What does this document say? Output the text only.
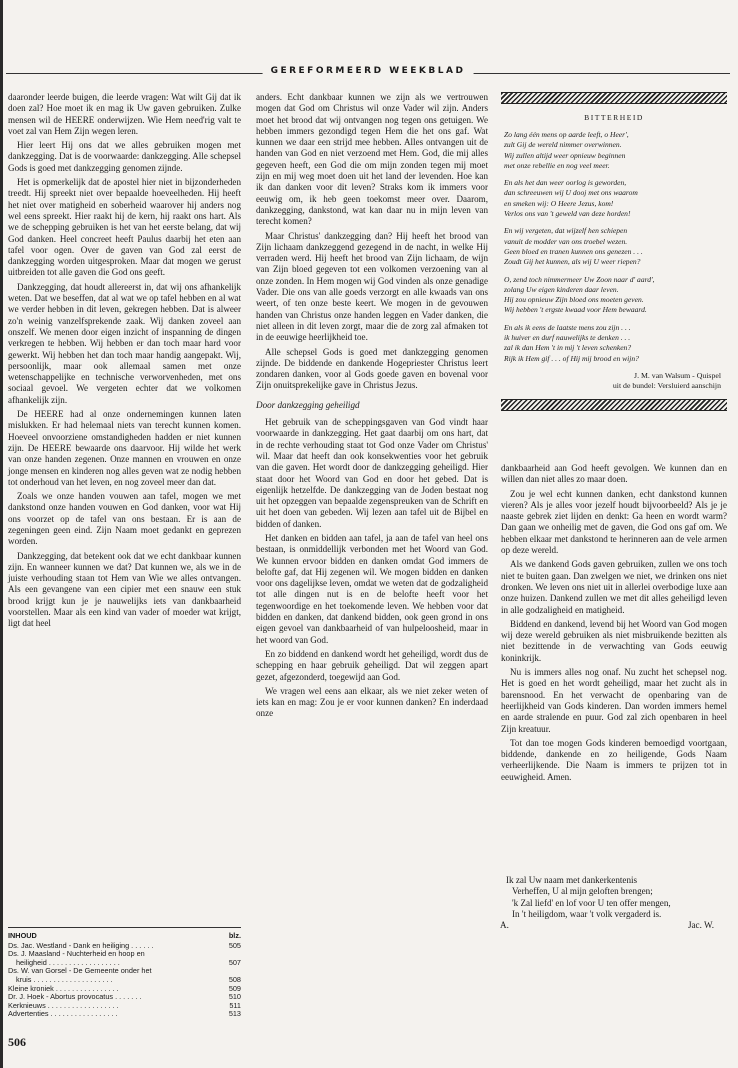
GEREFORMEERD WEEKBLAD

daaronder leerde buigen, die leerde vragen: Wat wilt Gij dat ik doen zal? Hoe moet ik en mag ik Uw gaven gebruiken. Zulke mensen wil de HEERE onderwijzen. Wie Hem need'rig valt te voet zal van Hem Zijn wegen leren.

Hier leert Hij ons dat we alles gebruiken mogen met dankzegging. Dat is de voorwaarde: dankzegging. Alle schepsel Gods is goed met dankzegging genomen zijnde.

Het is opmerkelijk dat de apostel hier niet in bijzonderheden treedt. Hij spreekt niet over bepaalde hoeveelheden. Hij heeft het niet over matigheid en soberheid waarover hij anders nog wel eens spreekt. Hier raakt hij de kern, hij raakt ons hart. Als we de schepping gebruiken is het van het eerste belang, dat wij God danken. Heel concreet heeft Paulus daarbij het eten aan tafel voor ogen. Over de gaven van God zal eerst de dankzegging worden uitgesproken. Maar dat mogen we gerust uitbreiden tot alle gaven die God ons geeft.

Dankzegging, dat houdt allereerst in, dat wij ons afhankelijk weten. Dat we beseffen, dat al wat we op tafel hebben en al wat we verder hebben in dit leven, gekregen hebben. Dat is alweer zo'n weinig vanzelfsprekende zaak. Wij danken zoveel aan onszelf. We menen door eigen inzicht of inspanning de dingen verkregen te hebben. Wij hebben er dan toch maar hard voor gewerkt. Wij hebben het dan toch maar handig aangepakt. Wij, persoonlijk, maar ook allemaal samen met onze wetenschappelijke en technische verworvenheden, met ons sociaal gevoel. We vergeten echter dat we volkomen afhankelijk zijn.

De HEERE had al onze ondernemingen kunnen laten mislukken. Er had helemaal niets van terecht kunnen komen. Hoeveel onvoorziene omstandigheden hadden er niet kunnen zijn. De HEERE bewaarde ons daarvoor. Hij wilde het werk van onze handen zegenen. Onze mannen en vrouwen en onze jonge mensen en kinderen nog alles geven wat ze nodig hebben tot onderhoud van het leven, en nog zoveel meer dan dat.

Zoals we onze handen vouwen aan tafel, mogen we met dankstond onze handen vouwen en God danken, voor wat Hij ons voorzet op de tafel van ons bestaan. Er is aan de zegeningen geen eind. Zijn Naam moet gedankt en geprezen worden.

Dankzegging, dat betekent ook dat we echt dankbaar kunnen zijn. En wanneer kunnen we dat? Dat kunnen we, als we in de juiste verhouding staan tot Hem van Wie we alles ontvangen. Als een gevangene van een cipier met een snauw een stuk brood krijgt kun je je nauwelijks iets van dankbaarheid voorstellen. Maar als een kind van vader of moeder wat krijgt, ligt dat heel

INHOUD	blz.
Ds. Jac. Westland - Dank en heiliging . . . . . .	505
Ds. J. Maasland - Nuchterheid en hoop en
heiligheid . . . . . . . . . . . . . . . . . .	507
Ds. W. van Gorsel - De Gemeente onder het
kruis . . . . . . . . . . . . . . . . . . . .	508
Kleine kroniek . . . . . . . . . . . . . . . .	509
Dr. J. Hoek - Abortus provocatus . . . . . . .	510
Kerknieuws . . . . . . . . . . . . . . . . . .	511
Advertenties . . . . . . . . . . . . . . . . .	513
506

anders. Echt dankbaar kunnen we zijn als we vertrouwen mogen dat God om Christus wil onze Vader wil zijn. Anders moet het brood dat wij ontvangen nog tegen ons getuigen. We hebben immers gezondigd tegen Hem die het ons gaf. Wat kunnen we daar een strijd mee hebben. Alles ontvangen uit de handen van God en niet verzoend met Hem. God, die mij alles gegeven heeft, een God die om mijn zonden tegen mij moet zijn en mij weg moet doen uit het land der levenden. Hoe kan ik dan danken voor dit leven? Straks kom ik immers voor eeuwig om, ik heb geen toekomst meer over. Daarom, dankzegging, dankstond, wat kan daar nu in mijn leven van terecht komen?

Maar Christus' dankzegging dan? Hij heeft het brood van Zijn lichaam dankzeggend gezegend in de nacht, in welke Hij verraden werd. Hij heeft het brood van Zijn lichaam, de wijn van Zijn bloed gegeven tot een volkomen verzoening van al onze zonden. In Hem mogen wij God vinden als onze genadige Vader. Die ons van alle goeds verzorgt en alle kwaads van ons weert, of ten onze beste keert. We mogen in de gevouwen handen van Christus onze handen leggen en Vader danken, die niet alleen in dit leven zorgt, maar die de zorg zal afmaken tot in de eeuwige heerlijkheid toe.

Alle schepsel Gods is goed met dankzegging genomen zijnde. De biddende en dankende Hogepriester Christus leert zondaren danken, voor al Gods goede gaven en bovenal voor Zijn onuitsprekelijke gave in Christus Jezus.

Door dankzegging geheiligd

Het gebruik van de scheppingsgaven van God vindt haar voorwaarde in dankzegging. Het gaat daarbij om ons hart, dat in de rechte verhouding staat tot God onze Vader om Christus' wil. Maar dat heeft dan ook konsekwenties voor het gebruik van die gaven. Het wordt door de dankzegging geheiligd. Hier staat door het Woord van God en door het gebed. Dat is eigenlijk hetzelfde. De dankzegging van de Joden bestaat nog uit het opzeggen van bepaalde zegenspreuken van de Schrift en uit het doen van gebeden. Wij lezen aan tafel uit de Bijbel en bidden of danken.

Het danken en bidden aan tafel, ja aan de tafel van heel ons bestaan, is onmiddellijk verbonden met het Woord van God. We kunnen ervoor bidden en danken omdat God immers de belofte gaf, dat Hij zegenen wil. We mogen bidden en danken voor ons dagelijkse leven, omdat we weten dat de godzaligheid tot alle dingen nut is en de belofte heeft voor het tegenwoordige en het toekomende leven. We hebben voor dat bidden en danken, dat dankend bidden, ook geen grond in ons eigen gevoel van dankbaarheid of van hulpeloosheid, maar in het woord van God.

En zo biddend en dankend wordt het geheiligd, wordt dus de schepping en haar gebruik geheiligd. Dat wil zeggen apart gezet, afgezonderd, toegewijd aan God.

We vragen wel eens aan elkaar, als we niet zeker weten of iets kan en mag: Zou je er voor kunnen danken? En inderdaad onze

BITTERHEID
Zo lang één mens op aarde leeft, o Heer',
zult Gij de wereld nimmer overwinnen.
Wij zullen altijd weer opnieuw beginnen
met onze rebellie en nog veel meer.
En als het dan weer oorlog is geworden,
dan schreeuwen wij U dooj met ons waarom
en smeken wij: O Heere Jezus, kom!
Verlos ons van 't geweld van deze horden!
En wij vergeten, dat wijzelf hen schiepen
vanuit de modder van ons troebel wezen.
Geen bloed en tranen kunnen ons genezen . . .
Zoudt Gij het kunnen, als wij U weer riepen?
O, zend toch nimmermeer Uw Zoon naar d' aard',
zolang Uw eigen kinderen daar leven.
Hij zou opnieuw Zijn bloed ons moeten geven.
Wij hebben 't ergste kwaad voor Hem bewaard.
En als ik eens de laatste mens zou zijn . . .
ik huiver en durf nauwelijks te denken . . .
zal ik dan Hem 't in mij 't leven schenken?
Rijk ik Hem gif . . . of Hij mij brood en wijn?
J. M. van Walsum - Quispel
uit de bundel: Versluierd aanschijn

dankbaarheid aan God heeft gevolgen. We kunnen dan en willen dan niet alles zo maar doen.

Zou je wel echt kunnen danken, echt dankstond kunnen vieren? Als je alles voor jezelf houdt bijvoorbeeld? Als je je naaste gebrek ziet lijden en denkt: Ga heen en wordt warm? Dan gaan we onheilig met de gaven, die God ons gaf om. We hebben elkaar met dankstond te herinneren aan de vele armen op deze wereld.

Als we dankend Gods gaven gebruiken, zullen we ons toch niet te buiten gaan. Dan zwelgen we niet, we drinken ons niet dronken. We leven ons niet uit in allerlei overbodige luxe aan onze huizen. Dankend zullen we met dit alles geheiligd leven in alle godzaligheid en matigheid.

Biddend en dankend, levend bij het Woord van God mogen wij deze wereld gebruiken als niet misbruikende bezitten als niet bezittende in de verwachting van Gods eeuwig koninkrijk.

Nu is immers alles nog onaf. Nu zucht het schepsel nog. Het is goed en het wordt geheiligd, maar het zucht als in barensnood. En het verwacht de openbaring van de heerlijkheid van Gods kinderen. Dan worden immers hemel en aarde stralende en puur. God zal zich openbaren in heel Zijn kreatuur.

Tot dan toe mogen Gods kinderen bemoedigd voortgaan, biddende, dankende en zo heiligende, Gods Naam verheerlijkende. Die Naam is immers te prijzen tot in eeuwigheid. Amen.

Ik zal Uw naam met dankerkentenis
Verheffen, U al mijn geloften brengen;
'k Zal liefd' en lof voor U ten offer mengen,
In 't heiligdom, waar 't volk vergaderd is.
A.	Jac. W.
